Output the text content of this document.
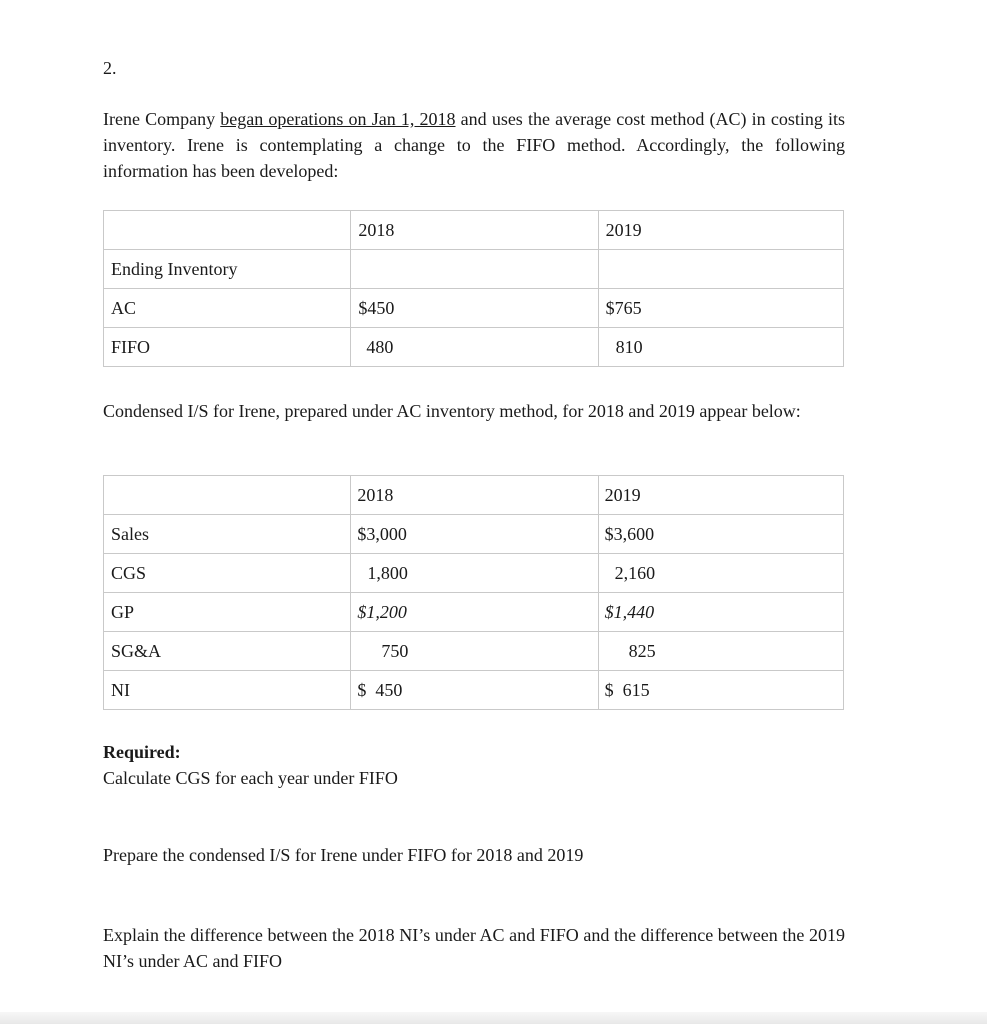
2.
Irene Company began operations on Jan 1, 2018 and uses the average cost method (AC) in costing its inventory. Irene is contemplating a change to the FIFO method. Accordingly, the following information has been developed:
	2018	2019
Ending Inventory		
AC	$450	$765
FIFO	480	810
Condensed I/S for Irene, prepared under AC inventory method, for 2018 and 2019 appear below:
	2018	2019
Sales	$3,000	$3,600
CGS	1,800	2,160
GP	$1,200	$1,440
SG&A	750	825
NI	$  450	$  615
Required:
Calculate CGS for each year under FIFO
Prepare the condensed I/S for Irene under FIFO for 2018 and 2019
Explain the difference between the 2018 NI’s under AC and FIFO and the difference between the 2019 NI’s under AC and FIFO
